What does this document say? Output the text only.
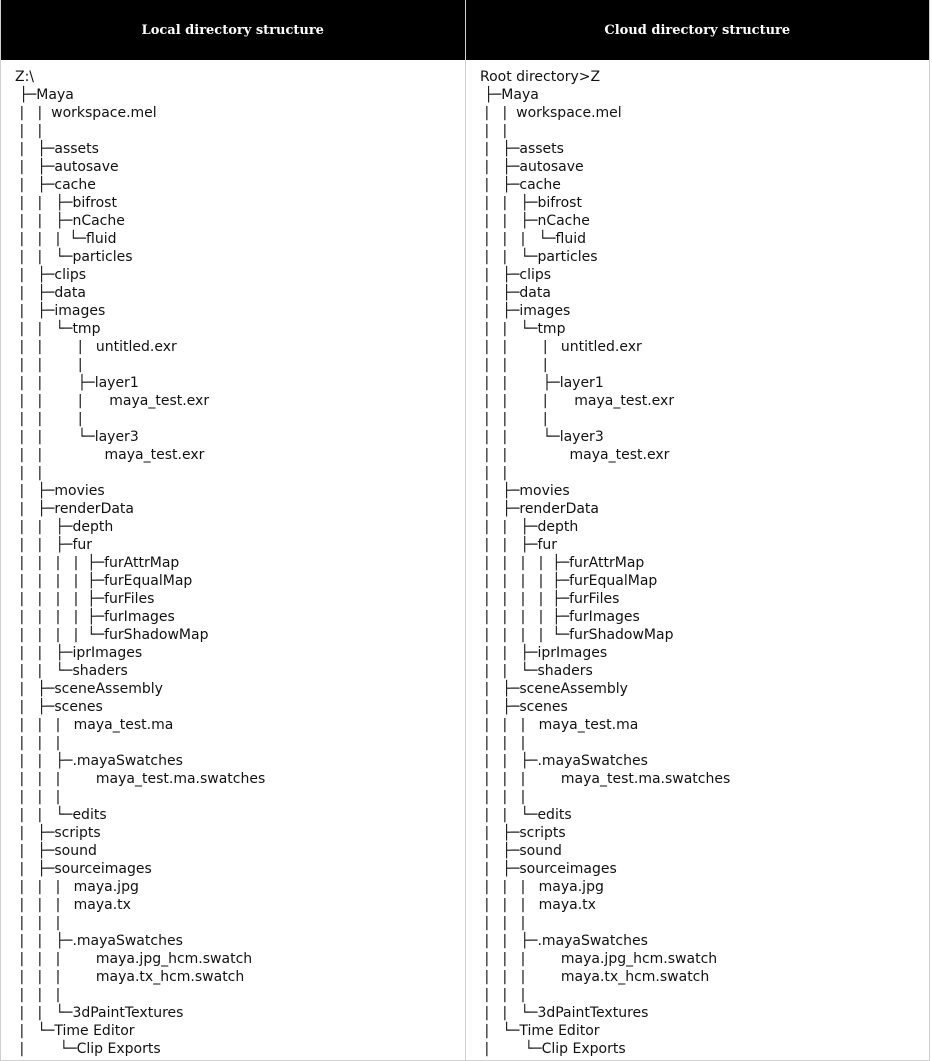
Local directory structure	Cloud directory structure
Z:\
├─Maya
|   |  workspace.mel
|   |
|   ├─assets
|   ├─autosave
|   ├─cache
|   |   ├─bifrost
|   |   ├─nCache
|   |   |  └─fluid
|   |   └─particles
|   ├─clips
|   ├─data
|   ├─images
|   |   └─tmp
|   |        |   untitled.exr
|   |        |
|   |        ├─layer1
|   |        |      maya_test.exr
|   |        |
|   |        └─layer3
|   |              maya_test.exr
|   |
|   ├─movies
|   ├─renderData
|   |   ├─depth
|   |   ├─fur
|   |   |   |  ├─furAttrMap
|   |   |   |  ├─furEqualMap
|   |   |   |  ├─furFiles
|   |   |   |  ├─furImages
|   |   |   |  └─furShadowMap
|   |   ├─iprImages
|   |   └─shaders
|   ├─sceneAssembly
|   ├─scenes
|   |   |   maya_test.ma
|   |   |
|   |   ├─.mayaSwatches
|   |   |        maya_test.ma.swatches
|   |   |
|   |   └─edits
|   ├─scripts
|   ├─sound
|   ├─sourceimages
|   |   |   maya.jpg
|   |   |   maya.tx
|   |   |
|   |   ├─.mayaSwatches
|   |   |        maya.jpg_hcm.swatch
|   |   |        maya.tx_hcm.swatch
|   |   |
|   |   └─3dPaintTextures
|   └─Time Editor
|        └─Clip Exports
Root directory>Z
├─Maya
|   |  workspace.mel
|   |
|   ├─assets
|   ├─autosave
|   ├─cache
|   |   ├─bifrost
|   |   ├─nCache
|   |   |   └─fluid
|   |   └─particles
|   ├─clips
|   ├─data
|   ├─images
|   |   └─tmp
|   |        |   untitled.exr
|   |        |
|   |        ├─layer1
|   |        |      maya_test.exr
|   |        |
|   |        └─layer3
|   |              maya_test.exr
|   |
|   ├─movies
|   ├─renderData
|   |   ├─depth
|   |   ├─fur
|   |   |   |  ├─furAttrMap
|   |   |   |  ├─furEqualMap
|   |   |   |  ├─furFiles
|   |   |   |  ├─furImages
|   |   |   |  └─furShadowMap
|   |   ├─iprImages
|   |   └─shaders
|   ├─sceneAssembly
|   ├─scenes
|   |   |   maya_test.ma
|   |   |
|   |   ├─.mayaSwatches
|   |   |        maya_test.ma.swatches
|   |   |
|   |   └─edits
|   ├─scripts
|   ├─sound
|   ├─sourceimages
|   |   |   maya.jpg
|   |   |   maya.tx
|   |   |
|   |   ├─.mayaSwatches
|   |   |        maya.jpg_hcm.swatch
|   |   |        maya.tx_hcm.swatch
|   |   |
|   |   └─3dPaintTextures
|   └─Time Editor
|        └─Clip Exports
